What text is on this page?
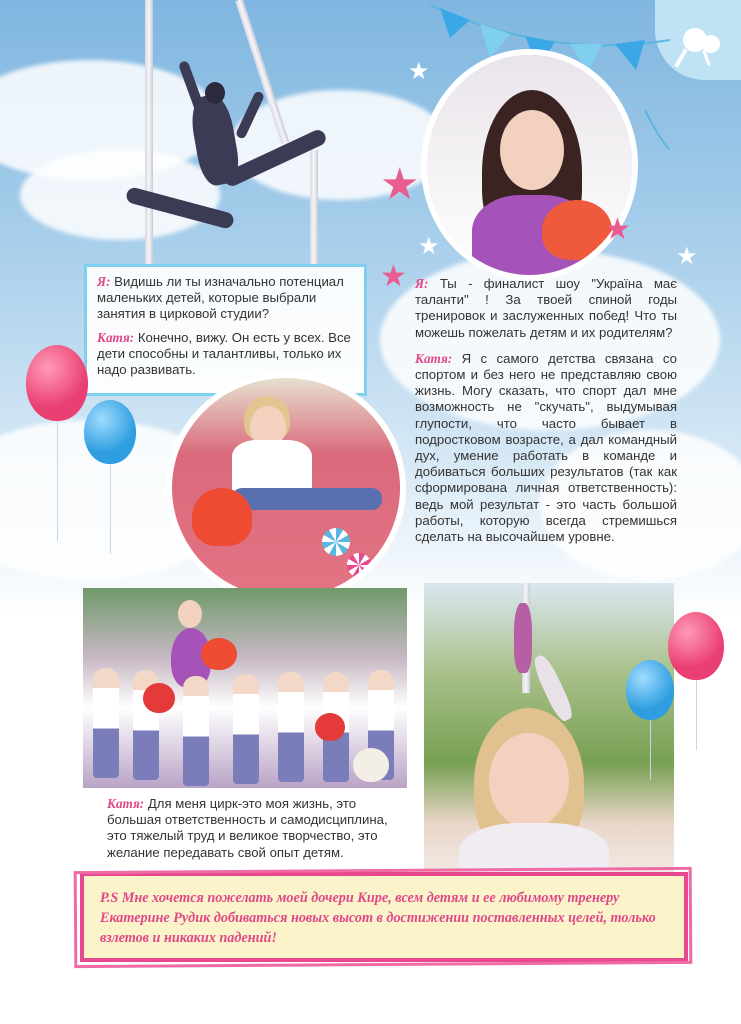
★
★
★
★
★	★

Я: Видишь ли ты изначально потенциал маленьких детей, которые выбрали занятия в цирковой студии?

Катя: Конечно, вижу. Он есть у всех. Все дети способны и талантливы, только их надо развивать.

Я: Ты - финалист шоу "Україна має таланти" ! За твоей спиной годы тренировок и заслуженных побед! Что ты можешь пожелать детям и их родителям?

Катя: Я с самого детства связана со спортом и без него не представляю свою жизнь. Могу сказать, что спорт дал мне возможность не "скучать", выдумывая глупости, что часто бывает в подростковом возрасте, а дал командный дух, умение работать в команде и добиваться больших результатов (так как сформирована личная ответственность): ведь мой результат - это часть большой работы, которую всегда стремишься сделать на высочайшем уровне.

Катя: Для меня цирк-это моя жизнь, это большая ответственность и самодисциплина, это тяжелый труд и великое творчество, это желание передавать свой опыт детям.
P.S Мне хочется пожелать моей дочери Кире, всем детям и ее любимому тренеру Екатерине Рудик добиваться новых высот в достижении поставленных целей, только взлетов и никаких падений!
